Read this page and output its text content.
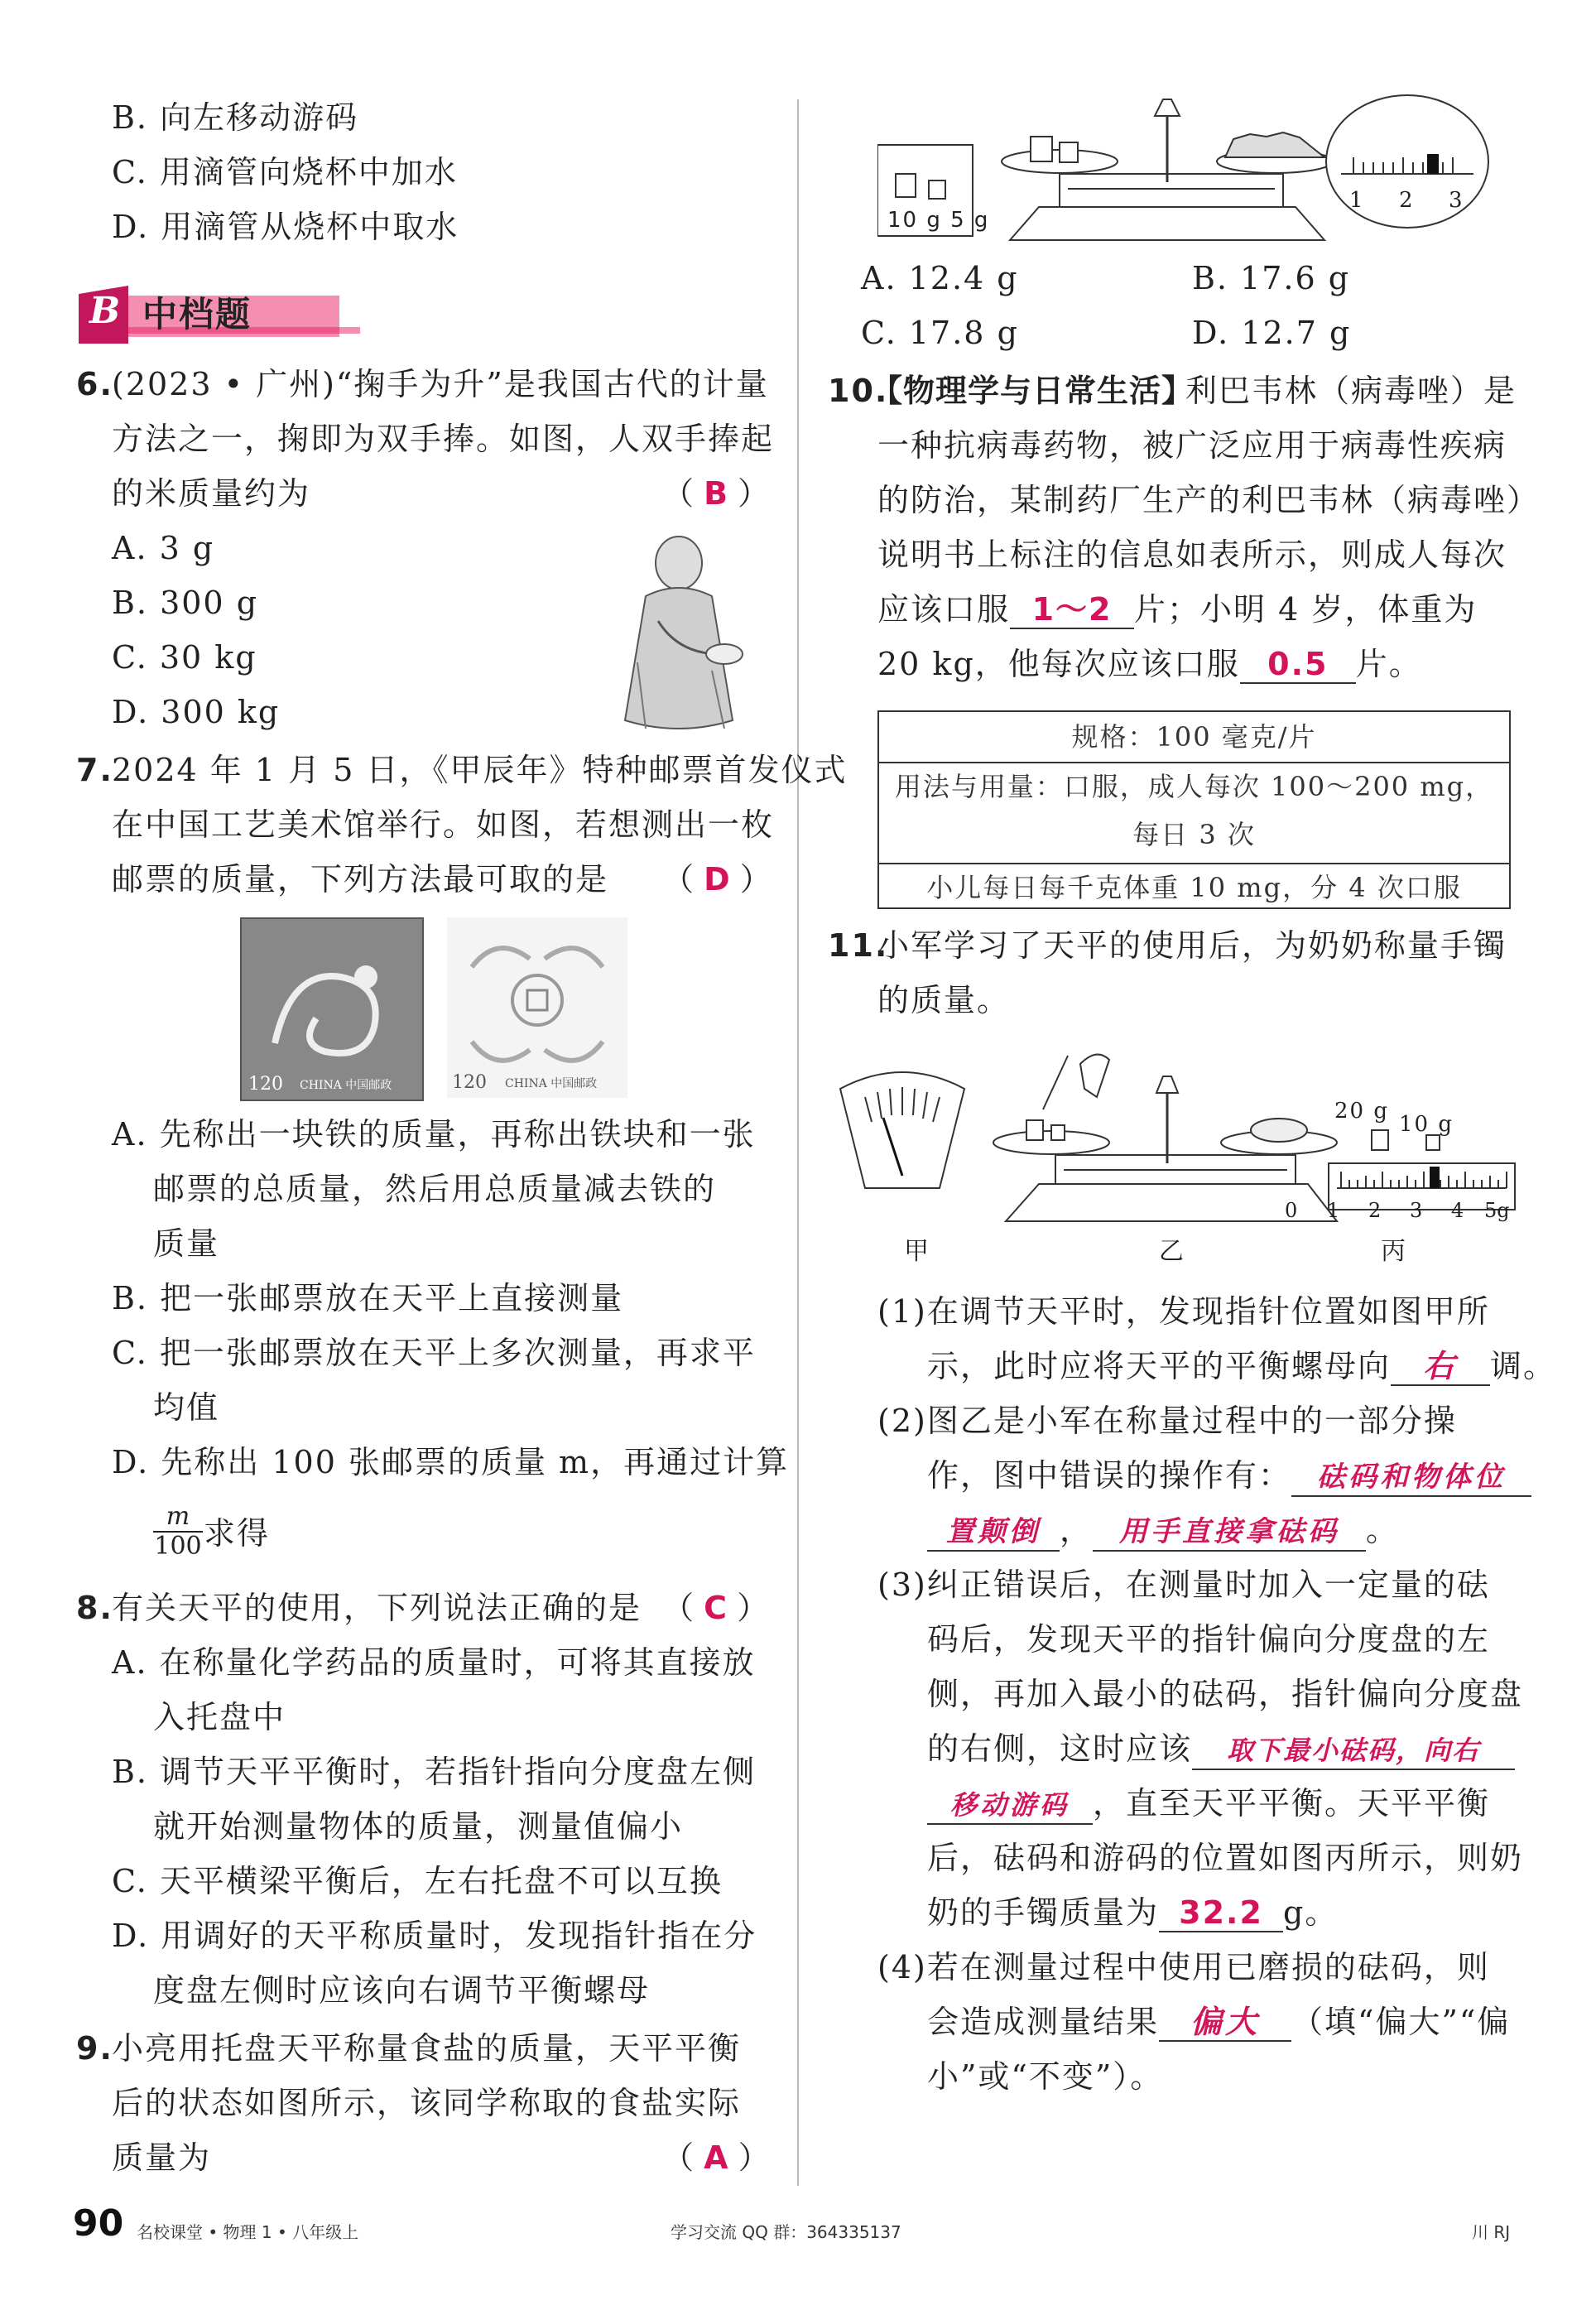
B. 向左移动游码
C. 用滴管向烧杯中加水
D. 用滴管从烧杯中取水
B 中档题
6.
(2023 • 广州)“掬手为升”是我国古代的计量
方法之一，掬即为双手捧。如图，人双手捧起
的米质量约为	（ B ）
A. 3 g
B. 300 g
C. 30 kg
D. 300 kg
7.
2024 年 1 月 5 日，《甲辰年》特种邮票首发仪式
在中国工艺美术馆举行。如图，若想测出一枚
邮票的质量，下列方法最可取的是 （ D ）
120 CHINA 中国邮政	120 CHINA 中国邮政
A. 先称出一块铁的质量，再称出铁块和一张
邮票的总质量，然后用总质量减去铁的
质量
B. 把一张邮票放在天平上直接测量
C. 把一张邮票放在天平上多次测量，再求平
均值
D. 先称出 100 张邮票的质量 m，再通过计算
$\frac{m}{100}$ 求得
8.
有关天平的使用，下列说法正确的是 （ C ）
A. 在称量化学药品的质量时，可将其直接放
入托盘中
B. 调节天平平衡时，若指针指向分度盘左侧
就开始测量物体的质量，测量值偏小
C. 天平横梁平衡后，左右托盘不可以互换
D. 用调好的天平称质量时，发现指针指在分
度盘左侧时应该向右调节平衡螺母
9.
小亮用托盘天平称量食盐的质量，天平平衡
后的状态如图所示，该同学称取的食盐实际
质量为	（ A ）
10 g 5 g
1 2 3
A. 12.4 g	B. 17.6 g
C. 17.8 g	D. 12.7 g
10.
【物理学与日常生活】
利巴韦林（病毒唑）是
一种抗病毒药物，被广泛应用于病毒性疾病
的防治，某制药厂生产的利巴韦林（病毒唑）
说明书上标注的信息如表所示，则成人每次
应该口服 1～2 片；小明 4 岁，体重为
20 kg，他每次应该口服 0.5 片。
规格：100 毫克/片
用法与用量：口服，成人每次 100～200 mg，
每日 3 次
小儿每日每千克体重 10 mg，分 4 次口服
11.
小军学习了天平的使用后，为奶奶称量手镯
的质量。
20 g
10 g
0 1 2 3 4 5g
甲	乙	丙
(1)在调节天平时，发现指针位置如图甲所
示，此时应将天平的平衡螺母向 右 调。
(2)图乙是小军在称量过程中的一部分操
作，图中错误的操作有： 砝码和物体位
置颠倒 ， 用手直接拿砝码 。
(3)纠正错误后，在测量时加入一定量的砝
码后，发现天平的指针偏向分度盘的左
侧，再加入最小的砝码，指针偏向分度盘
的右侧，这时应该 取下最小砝码，向右
移动游码 ，直至天平平衡。天平平衡
后，砝码和游码的位置如图丙所示，则奶
奶的手镯质量为 32.2 g。
(4)若在测量过程中使用已磨损的砝码，则
会造成测量结果 偏大 （填“偏大”“偏
小”或“不变”）。
90 名校课堂 • 物理 1 • 八年级上	学习交流 QQ 群：364335137	川 RJ
